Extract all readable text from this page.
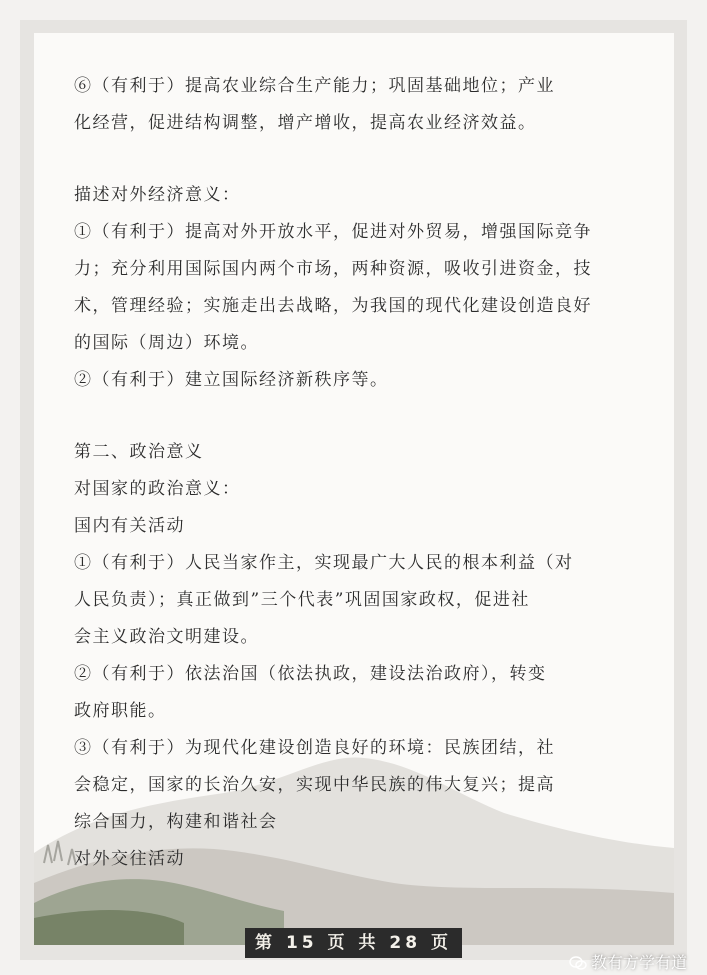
⑥（有利于）提高农业综合生产能力；巩固基础地位；产业
化经营，促进结构调整，增产增收，提高农业经济效益。
描述对外经济意义：
①（有利于）提高对外开放水平，促进对外贸易，增强国际竞争
力；充分利用国际国内两个市场，两种资源，吸收引进资金，技
术，管理经验；实施走出去战略，为我国的现代化建设创造良好
的国际（周边）环境。
②（有利于）建立国际经济新秩序等。
第二、政治意义
对国家的政治意义：
国内有关活动
①（有利于）人民当家作主，实现最广大人民的根本利益（对
人民负责）；真正做到”三个代表”巩固国家政权，促进社
会主义政治文明建设。
②（有利于）依法治国（依法执政，建设法治政府），转变
政府职能。
③（有利于）为现代化建设创造良好的环境：民族团结，社
会稳定，国家的长治久安，实现中华民族的伟大复兴；提高
综合国力，构建和谐社会
对外交往活动
第 15 页 共 28 页
教有方学有道
